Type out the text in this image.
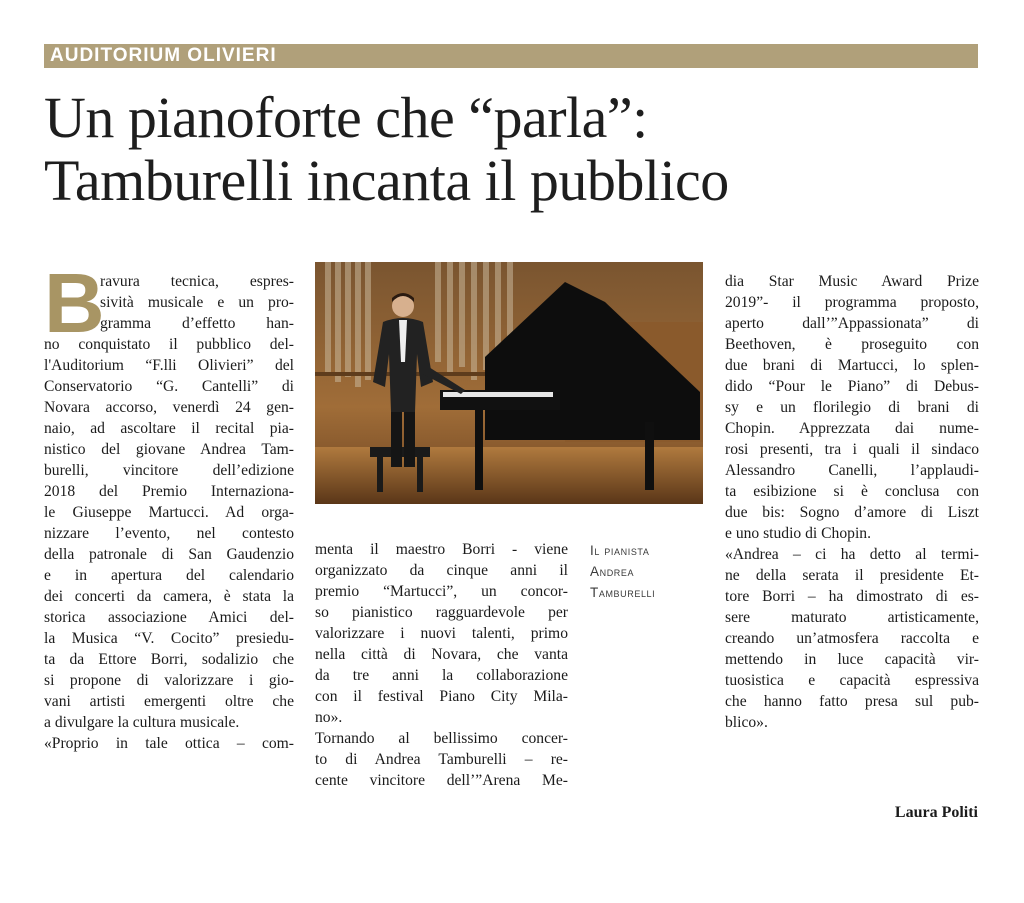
AUDITORIUM OLIVIERI
Un pianoforte che “parla”:
Tamburelli incanta il pubblico
B
ravura tecnica, espres-
sività musicale e un pro-
gramma d’effetto han-
no conquistato il pubblico del-
l'Auditorium “F.lli Olivieri” del
Conservatorio “G. Cantelli” di
Novara accorso, venerdì 24 gen-
naio, ad ascoltare il recital pia-
nistico del giovane Andrea Tam-
burelli, vincitore dell’edizione
2018 del Premio Internaziona-
le Giuseppe Martucci. Ad orga-
nizzare l’evento, nel contesto
della patronale di San Gaudenzio
e in apertura del calendario
dei concerti da camera, è stata la
storica associazione Amici del-
la Musica “V. Cocito” presiedu-
ta da Ettore Borri, sodalizio che
si propone di valorizzare i gio-
vani artisti emergenti oltre che
a divulgare la cultura musicale.
«Proprio in tale ottica – com-
menta il maestro Borri - viene
organizzato da cinque anni il
premio “Martucci”, un concor-
so pianistico ragguardevole per
valorizzare i nuovi talenti, primo
nella città di Novara, che vanta
da tre anni la collaborazione
con il festival Piano City Mila-
no».
Tornando al bellissimo concer-
to di Andrea Tamburelli – re-
cente vincitore dell’”Arena Me-
Il pianista
Andrea
Tamburelli
dia Star Music Award Prize
2019”- il programma proposto,
aperto dall’”Appassionata” di
Beethoven, è proseguito con
due brani di Martucci, lo splen-
dido “Pour le Piano” di Debus-
sy e un florilegio di brani di
Chopin. Apprezzata dai nume-
rosi presenti, tra i quali il sindaco
Alessandro Canelli, l’applaudi-
ta esibizione si è conclusa con
due bis: Sogno d’amore di Liszt
e uno studio di Chopin.
«Andrea – ci ha detto al termi-
ne della serata il presidente Et-
tore Borri – ha dimostrato di es-
sere maturato artisticamente,
creando un’atmosfera raccolta e
mettendo in luce capacità vir-
tuosistica e capacità espressiva
che hanno fatto presa sul pub-
blico».
Laura Politi
